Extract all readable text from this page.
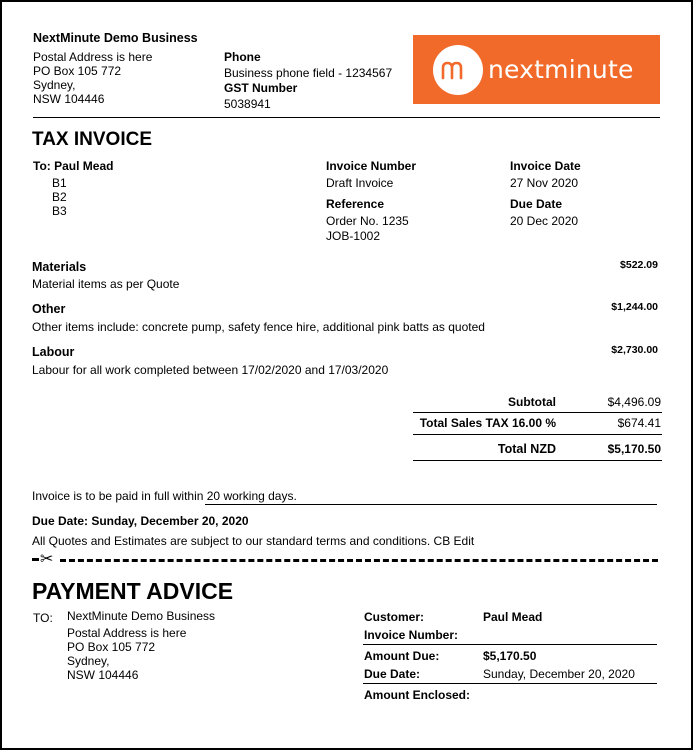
NextMinute Demo Business
Postal Address is here
PO Box 105 772
Sydney,
NSW 104446
Phone
Business phone field - 1234567
GST Number
5038941
nextminute
TAX INVOICE
To: Paul Mead
B1
B2
B3
Invoice Number
Draft Invoice
Reference
Order No. 1235
JOB-1002
Invoice Date
27 Nov 2020
Due Date
20 Dec 2020
Materials
Material items as per Quote
$522.09
Other
Other items include: concrete pump, safety fence hire, additional pink batts as quoted
$1,244.00
Labour
Labour for all work completed between 17/02/2020 and 17/03/2020
$2,730.00
Subtotal	$4,496.09
Total Sales TAX 16.00 %	$674.41
Total NZD	$5,170.50
Invoice is to be paid in full within 20 working days.
Due Date: Sunday, December 20, 2020
All Quotes and Estimates are subject to our standard terms and conditions. CB Edit
✂
PAYMENT ADVICE
TO: NextMinute Demo Business
Postal Address is here
PO Box 105 772
Sydney,
NSW 104446
Customer:	Paul Mead
Invoice Number:
Amount Due:	$5,170.50
Due Date:	Sunday, December 20, 2020
Amount Enclosed:
